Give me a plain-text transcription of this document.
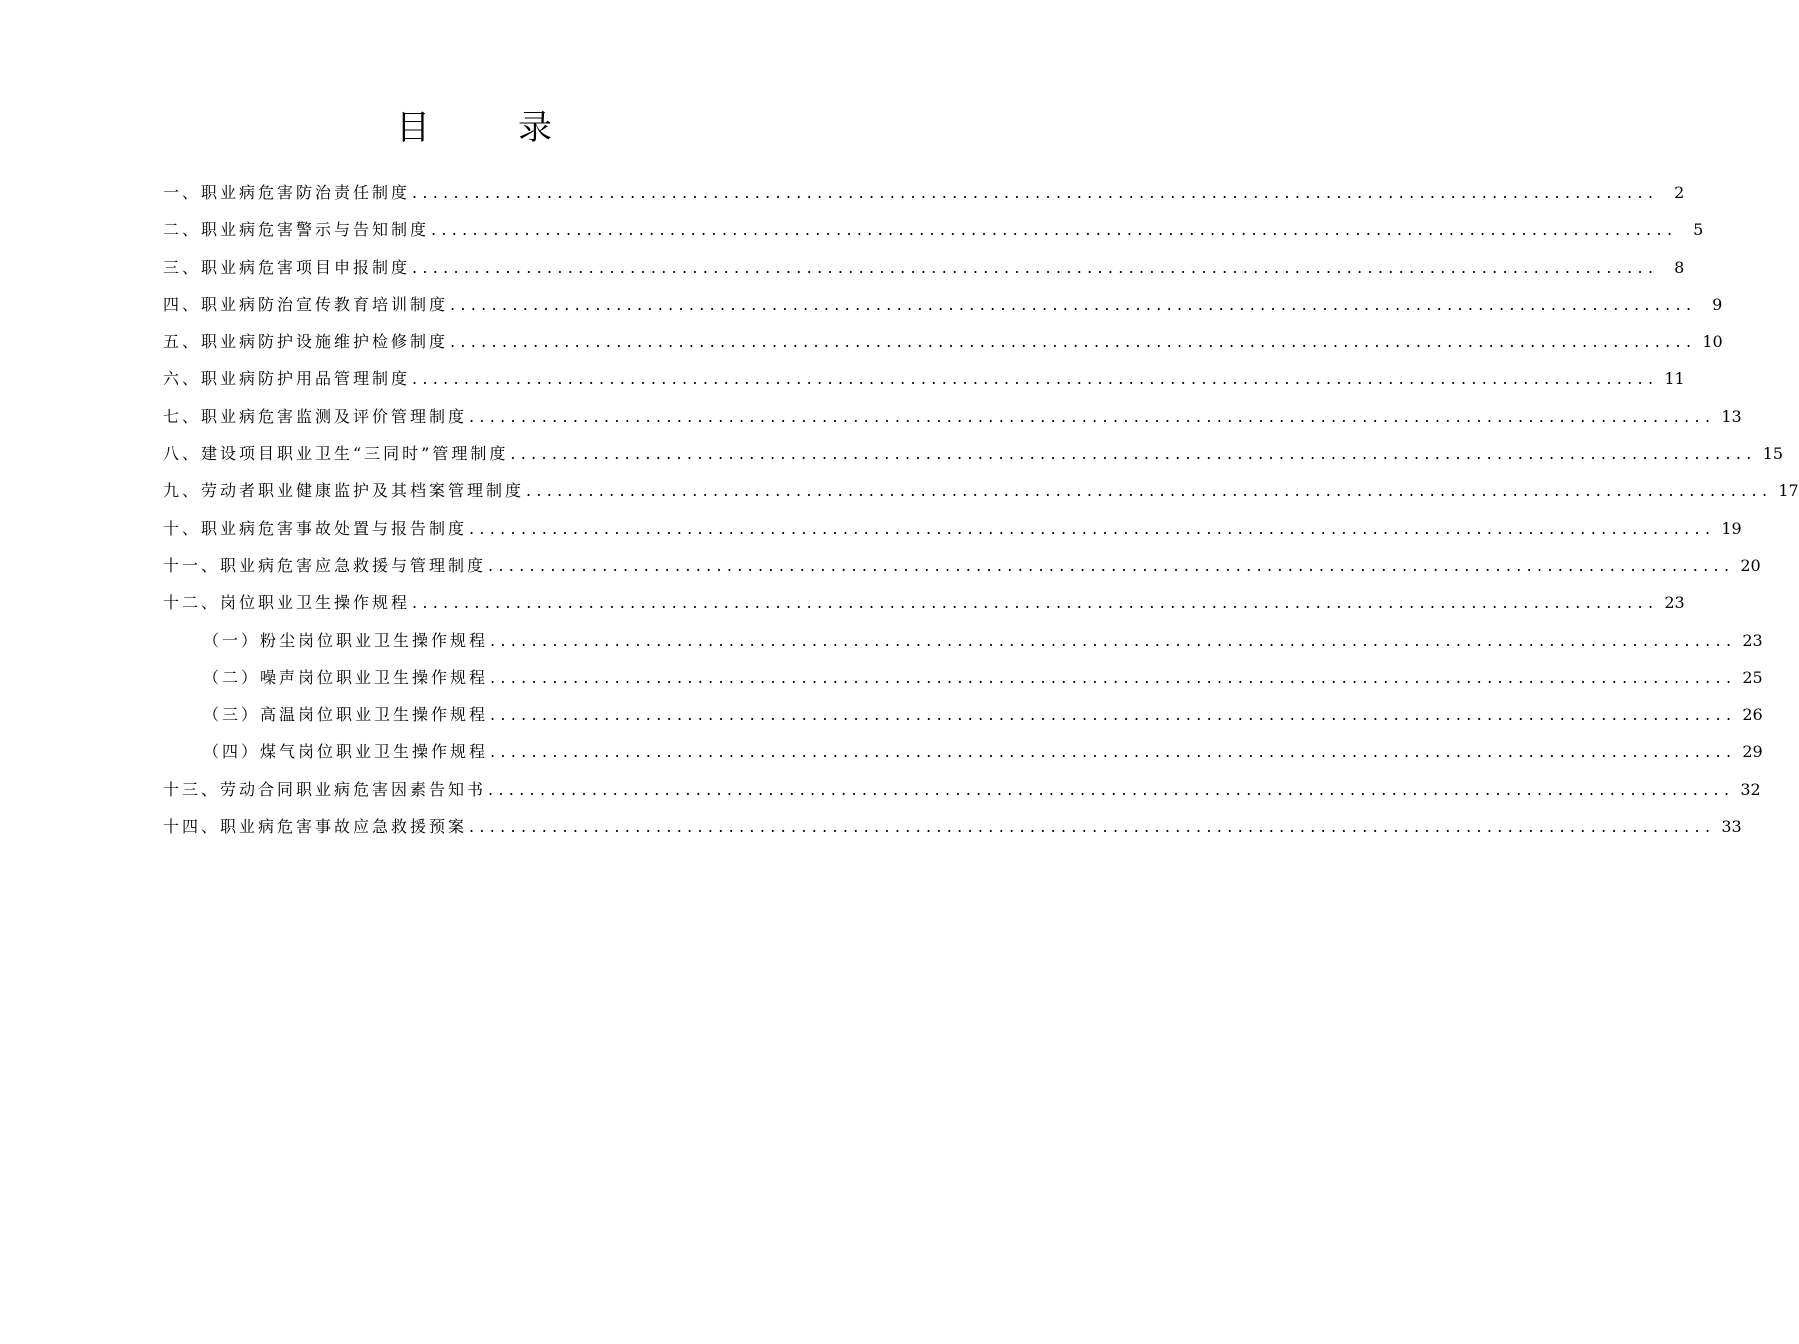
目	录
一、职业病危害防治责任制度 ........................................................................................................................ 2
二、职业病危害警示与告知制度 ........................................................................................................................ 5
三、职业病危害项目申报制度 ........................................................................................................................ 8
四、职业病防治宣传教育培训制度 ........................................................................................................................ 9
五、职业病防护设施维护检修制度 ........................................................................................................................ 10
六、职业病防护用品管理制度 ........................................................................................................................ 11
七、职业病危害监测及评价管理制度 ........................................................................................................................ 13
八、建设项目职业卫生“三同时”管理制度 ........................................................................................................................ 15
九、劳动者职业健康监护及其档案管理制度 ........................................................................................................................ 17
十、职业病危害事故处置与报告制度 ........................................................................................................................ 19
十一、职业病危害应急救援与管理制度 ........................................................................................................................ 20
十二、岗位职业卫生操作规程 ........................................................................................................................ 23
（一）粉尘岗位职业卫生操作规程 ........................................................................................................................ 23
（二）噪声岗位职业卫生操作规程 ........................................................................................................................ 25
（三）高温岗位职业卫生操作规程 ........................................................................................................................ 26
（四）煤气岗位职业卫生操作规程 ........................................................................................................................ 29
十三、劳动合同职业病危害因素告知书 ........................................................................................................................ 32
十四、职业病危害事故应急救援预案 ........................................................................................................................ 33
